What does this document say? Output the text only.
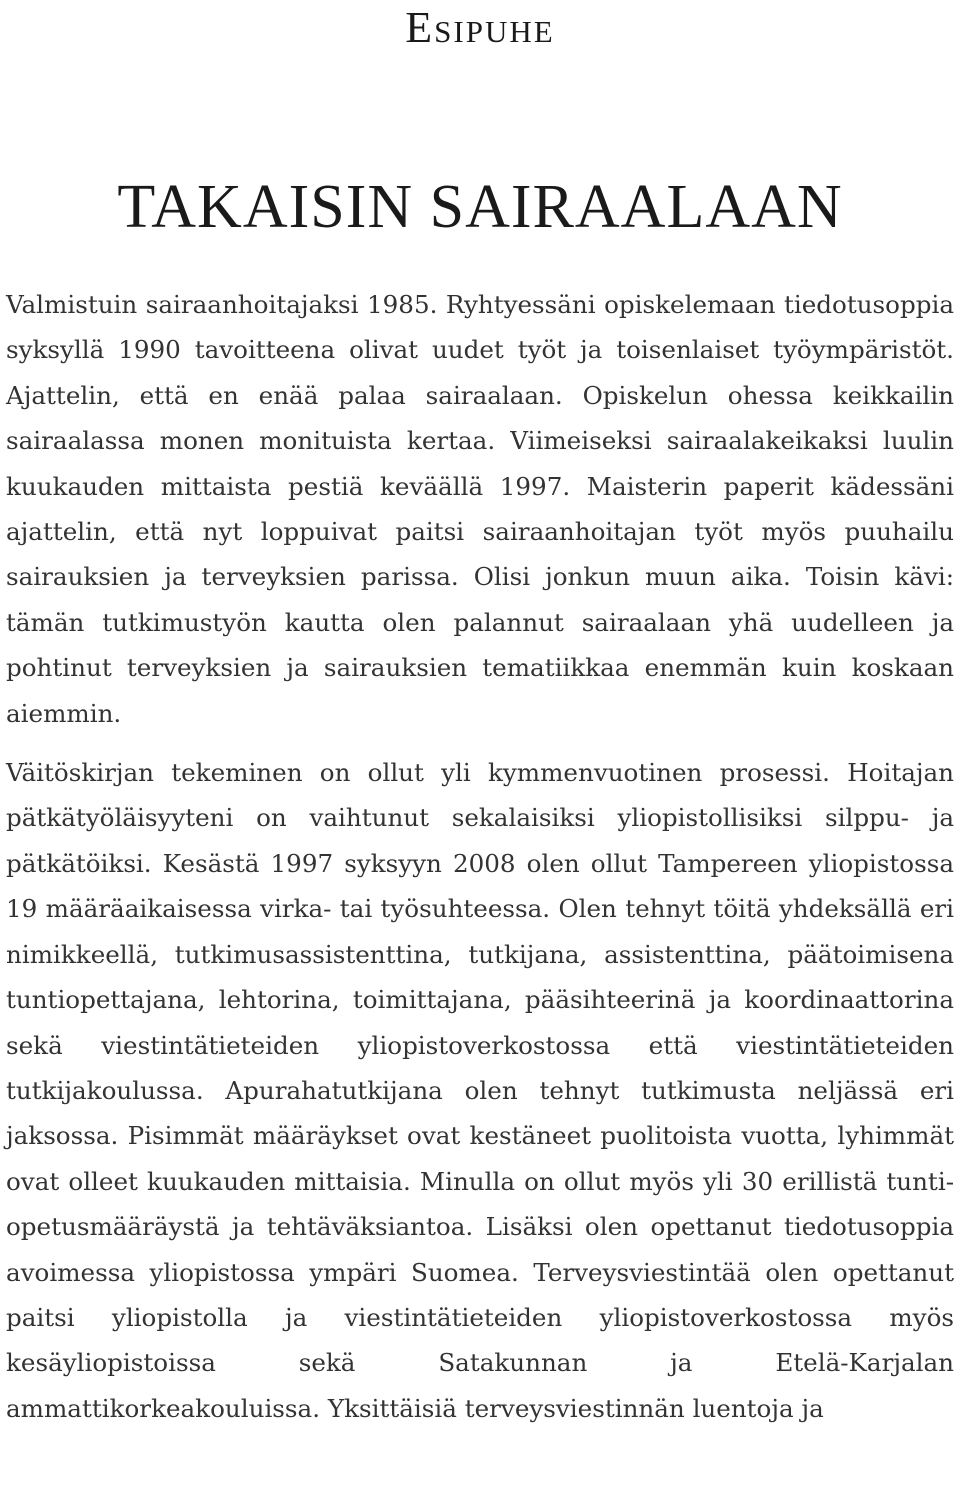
Esipuhe
TAKAISIN SAIRAALAAN

Valmistuin sairaanhoitajaksi 1985. Ryhtyessäni opiskelemaan tiedotusoppia syksyllä 1990 tavoitteena olivat uudet työt ja toisenlaiset työympäristöt. Ajattelin, että en enää palaa sairaalaan. Opiskelun ohessa keikkailin sairaalassa monen monituista kertaa. Viimeiseksi sairaalakeikaksi luulin kuukauden mittaista pestiä keväällä 1997. Maisterin paperit kädessäni ajattelin, että nyt loppuivat paitsi sairaanhoitajan työt myös puuhailu sairauksien ja terveyksien parissa. Olisi jonkun muun aika. Toisin kävi: tämän tutkimustyön kautta olen palannut sairaalaan yhä uudelleen ja pohtinut terveyksien ja sairauksien tematiikkaa enemmän kuin koskaan aiemmin.

Väitöskirjan tekeminen on ollut yli kymmenvuotinen prosessi. Hoitajan pätkätyöläisyyteni on vaihtunut sekalaisiksi yliopistollisiksi silppu- ja pätkätöiksi. Kesästä 1997 syksyyn 2008 olen ollut Tampereen yliopistossa 19 määräaikaisessa virka- tai työsuhteessa. Olen tehnyt töitä yhdeksällä eri nimikkeellä, tutkimusassistenttina, tutkijana, assistenttina, päätoimisena tuntiopettajana, lehtorina, toimittajana, pääsihteerinä ja koordinaattorina sekä viestintätieteiden yliopistoverkostossa että viestintätieteiden tutkijakoulussa. Apurahatutkijana olen tehnyt tutkimusta neljässä eri jaksossa. Pisimmät määräykset ovat kestäneet puolitoista vuotta, lyhimmät ovat olleet kuukauden mittaisia. Minulla on ollut myös yli 30 erillistä tuntiopetusmääräystä ja tehtäväksiantoa. Lisäksi olen opettanut tiedotusoppia avoimessa yliopistossa ympäri Suomea. Terveysviestintää olen opettanut paitsi yliopistolla ja viestintätieteiden yliopistoverkostossa myös kesäyliopistoissa sekä Satakunnan ja Etelä-Karjalan ammattikorkeakouluissa. Yksittäisiä terveysviestinnän luentoja ja
